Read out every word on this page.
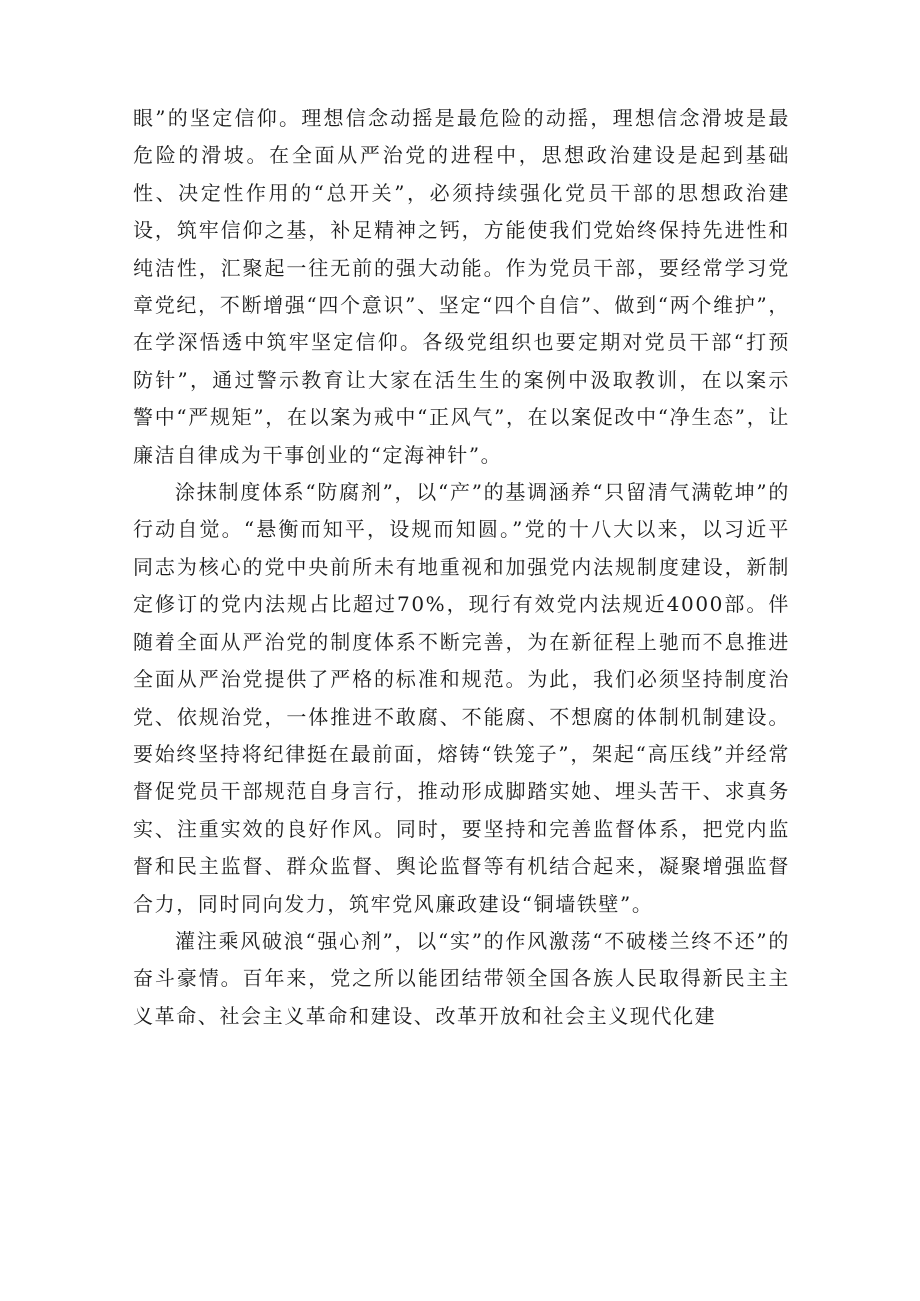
眼”的坚定信仰。理想信念动摇是最危险的动摇，理想信念滑坡是最危险的滑坡。在全面从严治党的进程中，思想政治建设是起到基础性、决定性作用的“总开关”，必须持续强化党员干部的思想政治建设，筑牢信仰之基，补足精神之钙，方能使我们党始终保持先进性和纯洁性，汇聚起一往无前的强大动能。作为党员干部，要经常学习党章党纪，不断增强“四个意识”、坚定“四个自信”、做到“两个维护”，在学深悟透中筑牢坚定信仰。各级党组织也要定期对党员干部“打预防针”，通过警示教育让大家在活生生的案例中汲取教训，在以案示警中“严规矩”，在以案为戒中“正风气”，在以案促改中“净生态”，让廉洁自律成为干事创业的“定海神针”。

涂抹制度体系“防腐剂”，以“产”的基调涵养“只留清气满乾坤”的行动自觉。“悬衡而知平，设规而知圆。”党的十八大以来，以习近平同志为核心的党中央前所未有地重视和加强党内法规制度建设，新制定修订的党内法规占比超过70%，现行有效党内法规近4000部。伴随着全面从严治党的制度体系不断完善，为在新征程上驰而不息推进全面从严治党提供了严格的标准和规范。为此，我们必须坚持制度治党、依规治党，一体推进不敢腐、不能腐、不想腐的体制机制建设。要始终坚持将纪律挺在最前面，熔铸“铁笼子”，架起“高压线”并经常督促党员干部规范自身言行，推动形成脚踏实她、埋头苦干、求真务实、注重实效的良好作风。同时，要坚持和完善监督体系，把党内监督和民主监督、群众监督、舆论监督等有机结合起来，凝聚增强监督合力，同时同向发力，筑牢党风廉政建设“铜墙铁壁”。

灌注乘风破浪“强心剂”，以“实”的作风激荡“不破楼兰终不还”的奋斗豪情。百年来，党之所以能团结带领全国各族人民取得新民主主义革命、社会主义革命和建设、改革开放和社会主义现代化建
